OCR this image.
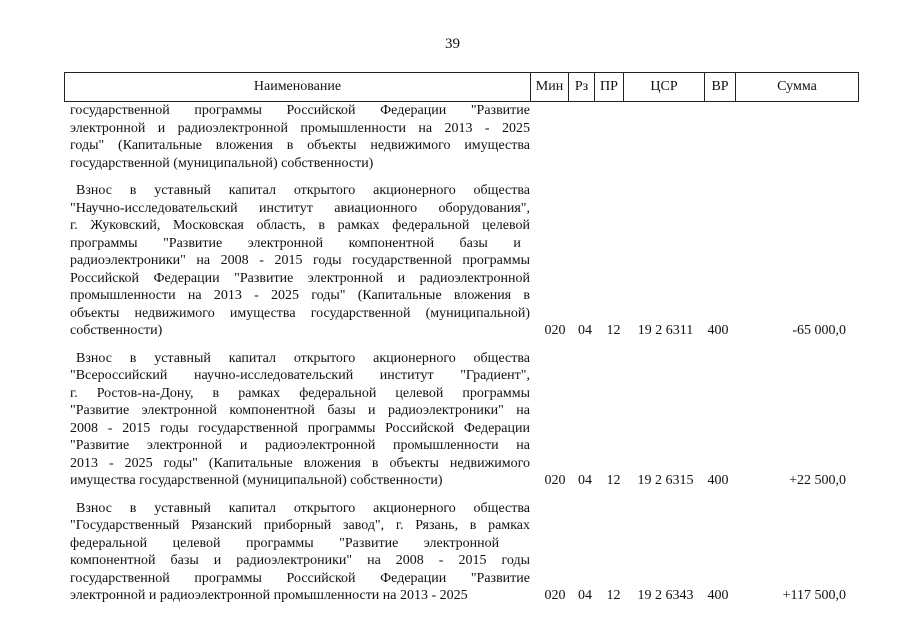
39
Наименование	Мин	Рз	ПР	ЦСР	ВР	Сумма
государственной программы Российской Федерации "Развитие
электронной и радиоэлектронной промышленности на 2013 - 2025
годы" (Капитальные вложения в объекты недвижимого имущества
государственной (муниципальной) собственности)
Взнос в уставный капитал открытого акционерного общества
"Научно-исследовательский институт авиационного оборудования",
г. Жуковский, Московская область, в рамках федеральной целевой
программы "Развитие электронной компонентной базы и
радиоэлектроники" на 2008 - 2015 годы государственной программы
Российской Федерации "Развитие электронной и радиоэлектронной
промышленности на 2013 - 2025 годы" (Капитальные вложения в
объекты недвижимого имущества государственной (муниципальной)
собственности)	020 04	12	19 2 6311	400	-65 000,0
Взнос в уставный капитал открытого акционерного общества
"Всероссийский научно-исследовательский институт "Градиент",
г. Ростов-на-Дону, в рамках федеральной целевой программы
"Развитие электронной компонентной базы и радиоэлектроники" на
2008 - 2015 годы государственной программы Российской Федерации
"Развитие электронной и радиоэлектронной промышленности на
2013 - 2025 годы" (Капитальные вложения в объекты недвижимого
имущества государственной (муниципальной) собственности)	020 04	12	19 2 6315	400	+22 500,0
Взнос в уставный капитал открытого акционерного общества
"Государственный Рязанский приборный завод", г. Рязань, в рамках
федеральной целевой программы "Развитие электронной
компонентной базы и радиоэлектроники" на 2008 - 2015 годы
государственной программы Российской Федерации "Развитие
электронной и радиоэлектронной промышленности на 2013 - 2025	020 04	12	19 2 6343	400	+117 500,0
